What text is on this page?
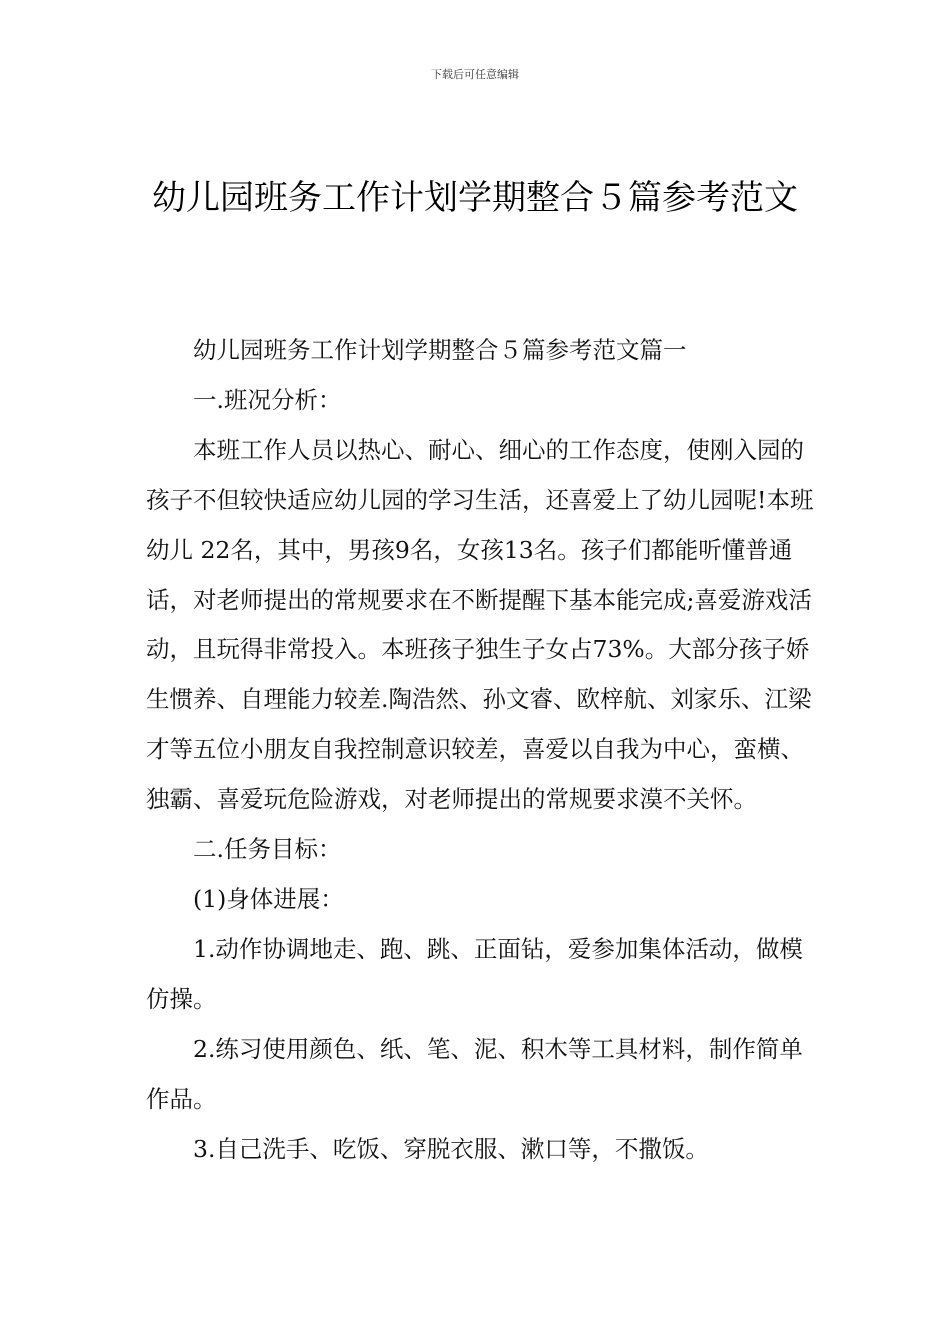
下载后可任意编辑
幼儿园班务工作计划学期整合５篇参考范文

幼儿园班务工作计划学期整合５篇参考范文篇一

一.班况分析：

本班工作人员以热心、耐心、细心的工作态度，使刚入园的孩子不但较快适应幼儿园的学习生活，还喜爱上了幼儿园呢!本班幼儿 22名，其中，男孩9名，女孩13名。孩子们都能听懂普通话，对老师提出的常规要求在不断提醒下基本能完成;喜爱游戏活动，且玩得非常投入。本班孩子独生子女占73%。大部分孩子娇生惯养、自理能力较差.陶浩然、孙文睿、欧梓航、刘家乐、江梁才等五位小朋友自我控制意识较差，喜爱以自我为中心，蛮横、独霸、喜爱玩危险游戏，对老师提出的常规要求漠不关怀。

二.任务目标：

(1)身体进展：

1.动作协调地走、跑、跳、正面钻，爱参加集体活动，做模仿操。

2.练习使用颜色、纸、笔、泥、积木等工具材料，制作简单作品。

3.自己洗手、吃饭、穿脱衣服、漱口等，不撒饭。
